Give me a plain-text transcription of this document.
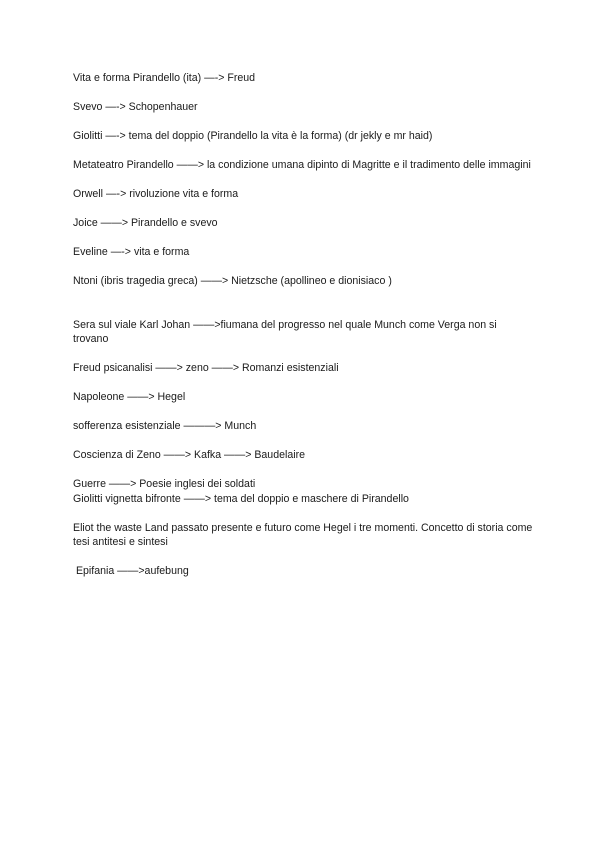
Vita e forma Pirandello (ita) —-> Freud

Svevo —-> Schopenhauer

Giolitti —-> tema del doppio (Pirandello la vita è la forma) (dr jekly e mr haid)

Metateatro Pirandello ——> la condizione umana dipinto di Magritte e il tradimento delle immagini

Orwell —-> rivoluzione vita e forma

Joice ——> Pirandello e svevo

Eveline —-> vita e forma

Ntoni (ibris tragedia greca) ——> Nietzsche (apollineo e dionisiaco )

Sera sul viale Karl Johan ——>fiumana del progresso nel quale Munch come Verga non si trovano

Freud psicanalisi ——> zeno ——> Romanzi esistenziali

Napoleone ——> Hegel

sofferenza esistenziale ———> Munch

Coscienza di Zeno ——> Kafka ——> Baudelaire

Guerre ——> Poesie inglesi dei soldati

Giolitti vignetta bifronte ——> tema del doppio e maschere di Pirandello

Eliot the waste Land passato presente e futuro come Hegel i tre momenti. Concetto di storia come tesi antitesi e sintesi

Epifania ——>aufebung
